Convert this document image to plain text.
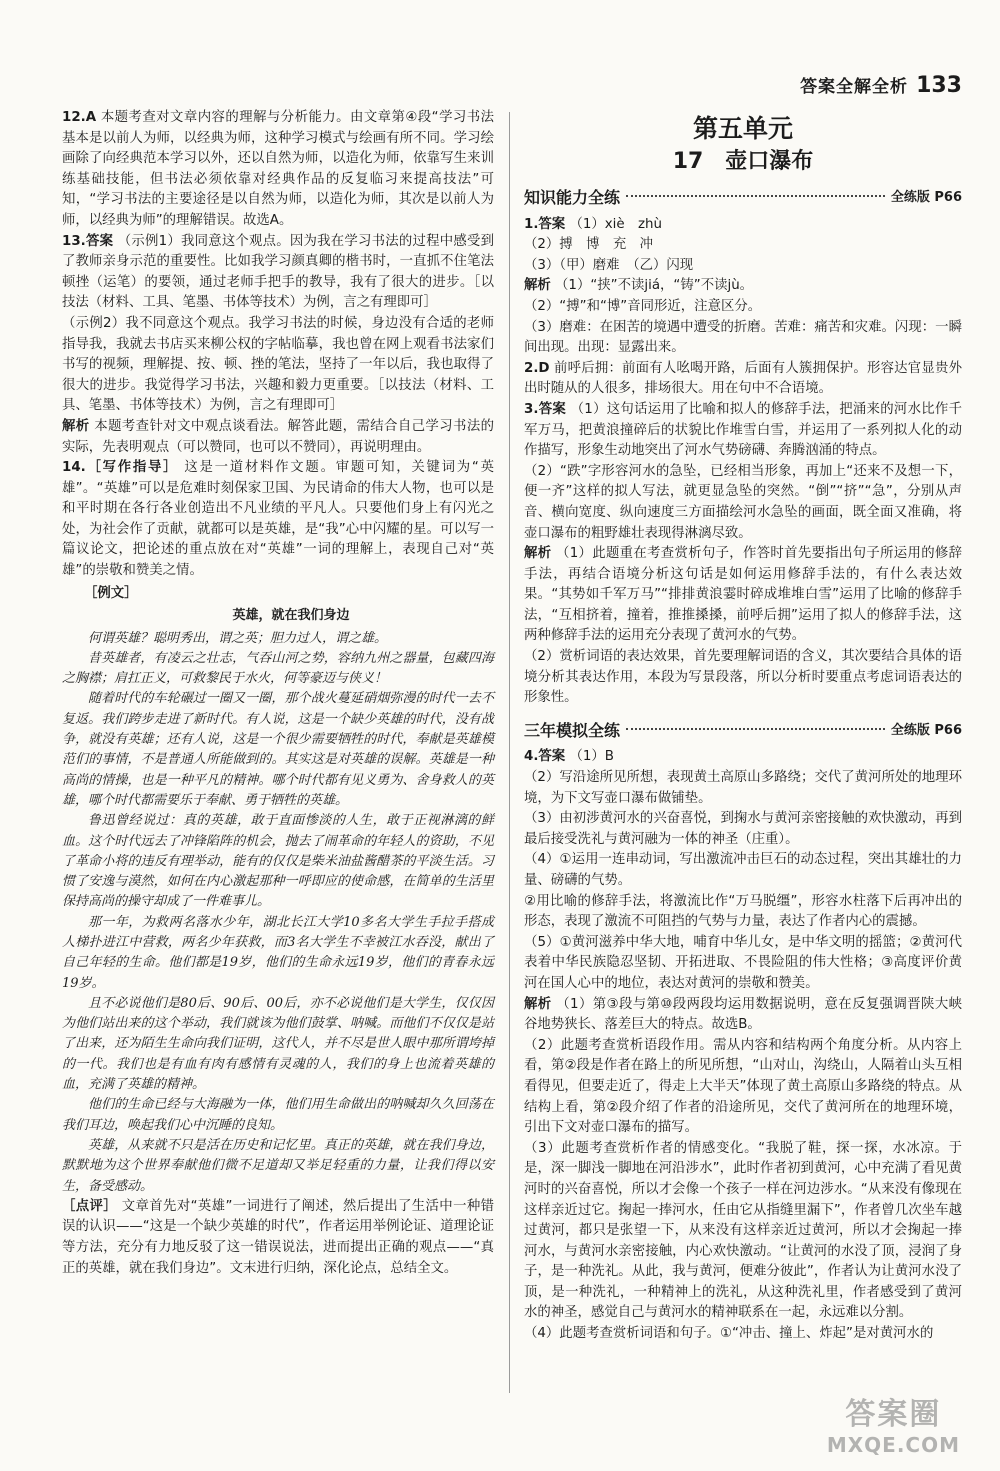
答案全解全析 133

12.A 本题考查对文章内容的理解与分析能力。由文章第④段“学习书法基本是以前人为师，以经典为师，这种学习模式与绘画有所不同。学习绘画除了向经典范本学习以外，还以自然为师，以造化为师，依靠写生来训练基础技能，但书法必须依靠对经典作品的反复临习来提高技法”可知，“学习书法的主要途径是以自然为师，以造化为师，其次是以前人为师，以经典为师”的理解错误。故选A。

13.答案 （示例1）我同意这个观点。因为我在学习书法的过程中感受到了教师亲身示范的重要性。比如我学习颜真卿的楷书时，一直抓不住笔法顿挫（运笔）的要领，通过老师手把手的教导，我有了很大的进步。［以技法（材料、工具、笔墨、书体等技术）为例，言之有理即可］

（示例2）我不同意这个观点。我学习书法的时候，身边没有合适的老师指导我，我就去书店买来柳公权的字帖临摹，我也曾在网上观看书法家们书写的视频，理解提、按、顿、挫的笔法，坚持了一年以后，我也取得了很大的进步。我觉得学习书法，兴趣和毅力更重要。［以技法（材料、工具、笔墨、书体等技术）为例，言之有理即可］

解析 本题考查针对文中观点谈看法。解答此题，需结合自己学习书法的实际，先表明观点（可以赞同，也可以不赞同），再说明理由。

14.［写作指导］ 这是一道材料作文题。审题可知，关键词为“英雄”。“英雄”可以是危难时刻保家卫国、为民请命的伟大人物，也可以是和平时期在各行各业创造出不凡业绩的平凡人。只要他们身上有闪光之处，为社会作了贡献，就都可以是英雄，是“我”心中闪耀的星。可以写一篇议论文，把论述的重点放在对“英雄”一词的理解上，表现自己对“英雄”的崇敬和赞美之情。

［例文］

英雄，就在我们身边

何谓英雄？聪明秀出，谓之英；胆力过人，谓之雄。

昔英雄者，有凌云之壮志，气吞山河之势，容纳九州之器量，包藏四海之胸襟；肩扛正义，可救黎民于水火，何等豪迈与侠义！

随着时代的车轮碾过一圈又一圈，那个战火蔓延硝烟弥漫的时代一去不复返。我们跨步走进了新时代。有人说，这是一个缺少英雄的时代，没有战争，就没有英雄；还有人说，这是一个很少需要牺牲的时代，奉献是英雄模范们的事情，不是普通人所能做到的。其实这是对英雄的误解。英雄是一种高尚的情操，也是一种平凡的精神。哪个时代都有见义勇为、舍身救人的英雄，哪个时代都需要乐于奉献、勇于牺牲的英雄。

鲁迅曾经说过：真的英雄，敢于直面惨淡的人生，敢于正视淋漓的鲜血。这个时代远去了冲锋陷阵的机会，抛去了闹革命的年轻人的资助，不见了革命小将的违反有理举动，能有的仅仅是柴米油盐酱醋茶的平淡生活。习惯了安逸与漠然，如何在内心激起那种一呼即应的使命感，在简单的生活里保持高尚的操守却成了一件难事儿。

那一年，为救两名落水少年，湖北长江大学10多名大学生手拉手搭成人梯扑进江中营救，两名少年获救，而3名大学生不幸被江水吞没，献出了自己年轻的生命。他们都是19岁，他们的生命永远19岁，他们的青春永远19岁。

且不必说他们是80后、90后、00后，亦不必说他们是大学生，仅仅因为他们站出来的这个举动，我们就该为他们鼓掌、呐喊。而他们不仅仅是站了出来，还为陌生生命向我们证明，这代人，并不尽是世人眼中那所谓垮掉的一代。我们也是有血有肉有感情有灵魂的人，我们的身上也流着英雄的血，充满了英雄的精神。

他们的生命已经与大海融为一体，他们用生命做出的呐喊却久久回荡在我们耳边，唤起我们心中沉睡的良知。

英雄，从来就不只是活在历史和记忆里。真正的英雄，就在我们身边，默默地为这个世界奉献他们微不足道却又举足轻重的力量，让我们得以安生，备受感动。

［点评］ 文章首先对“英雄”一词进行了阐述，然后提出了生活中一种错误的认识——“这是一个缺少英雄的时代”，作者运用举例论证、道理论证等方法，充分有力地反驳了这一错误说法，进而提出正确的观点——“真正的英雄，就在我们身边”。文末进行归纳，深化论点，总结全文。

第五单元
17　壶口瀑布
知识能力全练	全练版 P66

1.答案 （1）xiè　zhù

（2）搏　博　充　冲

（3）（甲）磨难　（乙）闪现

解析 （1）“挟”不读jiá，“铸”不读jù。

（2）“搏”和“博”音同形近，注意区分。

（3）磨难：在困苦的境遇中遭受的折磨。苦难：痛苦和灾难。闪现：一瞬间出现。出现：显露出来。

2.D 前呼后拥：前面有人吆喝开路，后面有人簇拥保护。形容达官显贵外出时随从的人很多，排场很大。用在句中不合语境。

3.答案 （1）这句话运用了比喻和拟人的修辞手法，把涌来的河水比作千军万马，把黄浪撞碎后的状貌比作堆雪白雪，并运用了一系列拟人化的动作描写，形象生动地突出了河水气势磅礴、奔腾汹涌的特点。

（2）“跌”字形容河水的急坠，已经相当形象，再加上“还来不及想一下，便一齐”这样的拟人写法，就更显急坠的突然。“倒”“挤”“急”，分别从声音、横向宽度、纵向速度三方面描绘河水急坠的画面，既全面又准确，将壶口瀑布的粗野雄壮表现得淋漓尽致。

解析 （1）此题重在考查赏析句子，作答时首先要指出句子所运用的修辞手法，再结合语境分析这句话是如何运用修辞手法的，有什么表达效果。“其势如千军万马”“排排黄浪霎时碎成堆堆白雪”运用了比喻的修辞手法，“互相挤着，撞着，推推搡搡，前呼后拥”运用了拟人的修辞手法，这两种修辞手法的运用充分表现了黄河水的气势。

（2）赏析词语的表达效果，首先要理解词语的含义，其次要结合具体的语境分析其表达作用，本段为写景段落，所以分析时要重点考虑词语表达的形象性。

三年模拟全练	全练版 P66

4.答案 （1）B

（2）写沿途所见所想，表现黄土高原山多路绕；交代了黄河所处的地理环境，为下文写壶口瀑布做铺垫。

（3）由初涉黄河水的兴奋喜悦，到掬水与黄河亲密接触的欢快激动，再到最后接受洗礼与黄河融为一体的神圣（庄重）。

（4）①运用一连串动词，写出激流冲击巨石的动态过程，突出其雄壮的力量、磅礴的气势。

②用比喻的修辞手法，将激流比作“万马脱缰”，形容水柱落下后再冲出的形态，表现了激流不可阻挡的气势与力量，表达了作者内心的震撼。

（5）①黄河滋养中华大地，哺育中华儿女，是中华文明的摇篮；②黄河代表着中华民族隐忍坚韧、开拓进取、不畏险阻的伟大性格；③高度评价黄河在国人心中的地位，表达对黄河的崇敬和赞美。

解析 （1）第③段与第⑩段两段均运用数据说明，意在反复强调晋陕大峡谷地势狭长、落差巨大的特点。故选B。

（2）此题考查赏析语段作用。需从内容和结构两个角度分析。从内容上看，第②段是作者在路上的所见所想，“山对山，沟绕山，人隔着山头互相看得见，但要走近了，得走上大半天”体现了黄土高原山多路绕的特点。从结构上看，第②段介绍了作者的沿途所见，交代了黄河所在的地理环境，引出下文对壶口瀑布的描写。

（3）此题考查赏析作者的情感变化。“我脱了鞋，探一探，水冰凉。于是，深一脚浅一脚地在河沿涉水”，此时作者初到黄河，心中充满了看见黄河时的兴奋喜悦，所以才会像一个孩子一样在河边涉水。“从来没有像现在这样亲近过它。掬起一捧河水，任由它从指缝里漏下”，作者曾几次坐车越过黄河，都只是张望一下，从来没有这样亲近过黄河，所以才会掬起一捧河水，与黄河水亲密接触，内心欢快激动。“让黄河的水没了顶，浸润了身子，是一种洗礼。从此，我与黄河，便难分彼此”，作者认为让黄河水没了顶，是一种洗礼，一种精神上的洗礼，从这种洗礼里，作者感受到了黄河水的神圣，感觉自己与黄河水的精神联系在一起，永远难以分割。

（4）此题考查赏析词语和句子。①“冲击、撞上、炸起”是对黄河水的

答案圈
MXQE.COM
